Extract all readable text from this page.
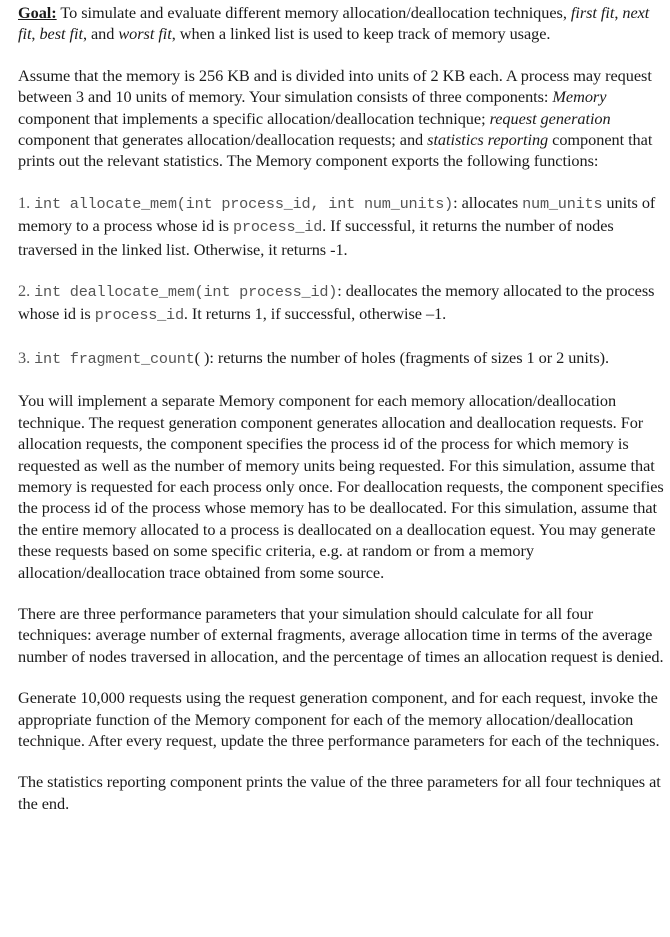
Goal: To simulate and evaluate different memory allocation/deallocation techniques, first fit, next fit, best fit, and worst fit, when a linked list is used to keep track of memory usage.

Assume that the memory is 256 KB and is divided into units of 2 KB each. A process may request between 3 and 10 units of memory. Your simulation consists of three components: Memory component that implements a specific allocation/deallocation technique; request generation component that generates allocation/deallocation requests; and statistics reporting component that prints out the relevant statistics. The Memory component exports the following functions:

1. int allocate_mem(int process_id, int num_units): allocates num_units units of memory to a process whose id is process_id. If successful, it returns the number of nodes traversed in the linked list. Otherwise, it returns -1.

2. int deallocate_mem(int process_id): deallocates the memory allocated to the process whose id is process_id. It returns 1, if successful, otherwise –1.

3. int fragment_count( ): returns the number of holes (fragments of sizes 1 or 2 units).

You will implement a separate Memory component for each memory allocation/deallocation technique. The request generation component generates allocation and deallocation requests. For allocation requests, the component specifies the process id of the process for which memory is requested as well as the number of memory units being requested. For this simulation, assume that memory is requested for each process only once. For deallocation requests, the component specifies the process id of the process whose memory has to be deallocated. For this simulation, assume that the entire memory allocated to a process is deallocated on a deallocation equest. You may generate these requests based on some specific criteria, e.g. at random or from a memory allocation/deallocation trace obtained from some source.

There are three performance parameters that your simulation should calculate for all four techniques: average number of external fragments, average allocation time in terms of the average number of nodes traversed in allocation, and the percentage of times an allocation request is denied.

Generate 10,000 requests using the request generation component, and for each request, invoke the appropriate function of the Memory component for each of the memory allocation/deallocation technique. After every request, update the three performance parameters for each of the techniques.

The statistics reporting component prints the value of the three parameters for all four techniques at the end.
